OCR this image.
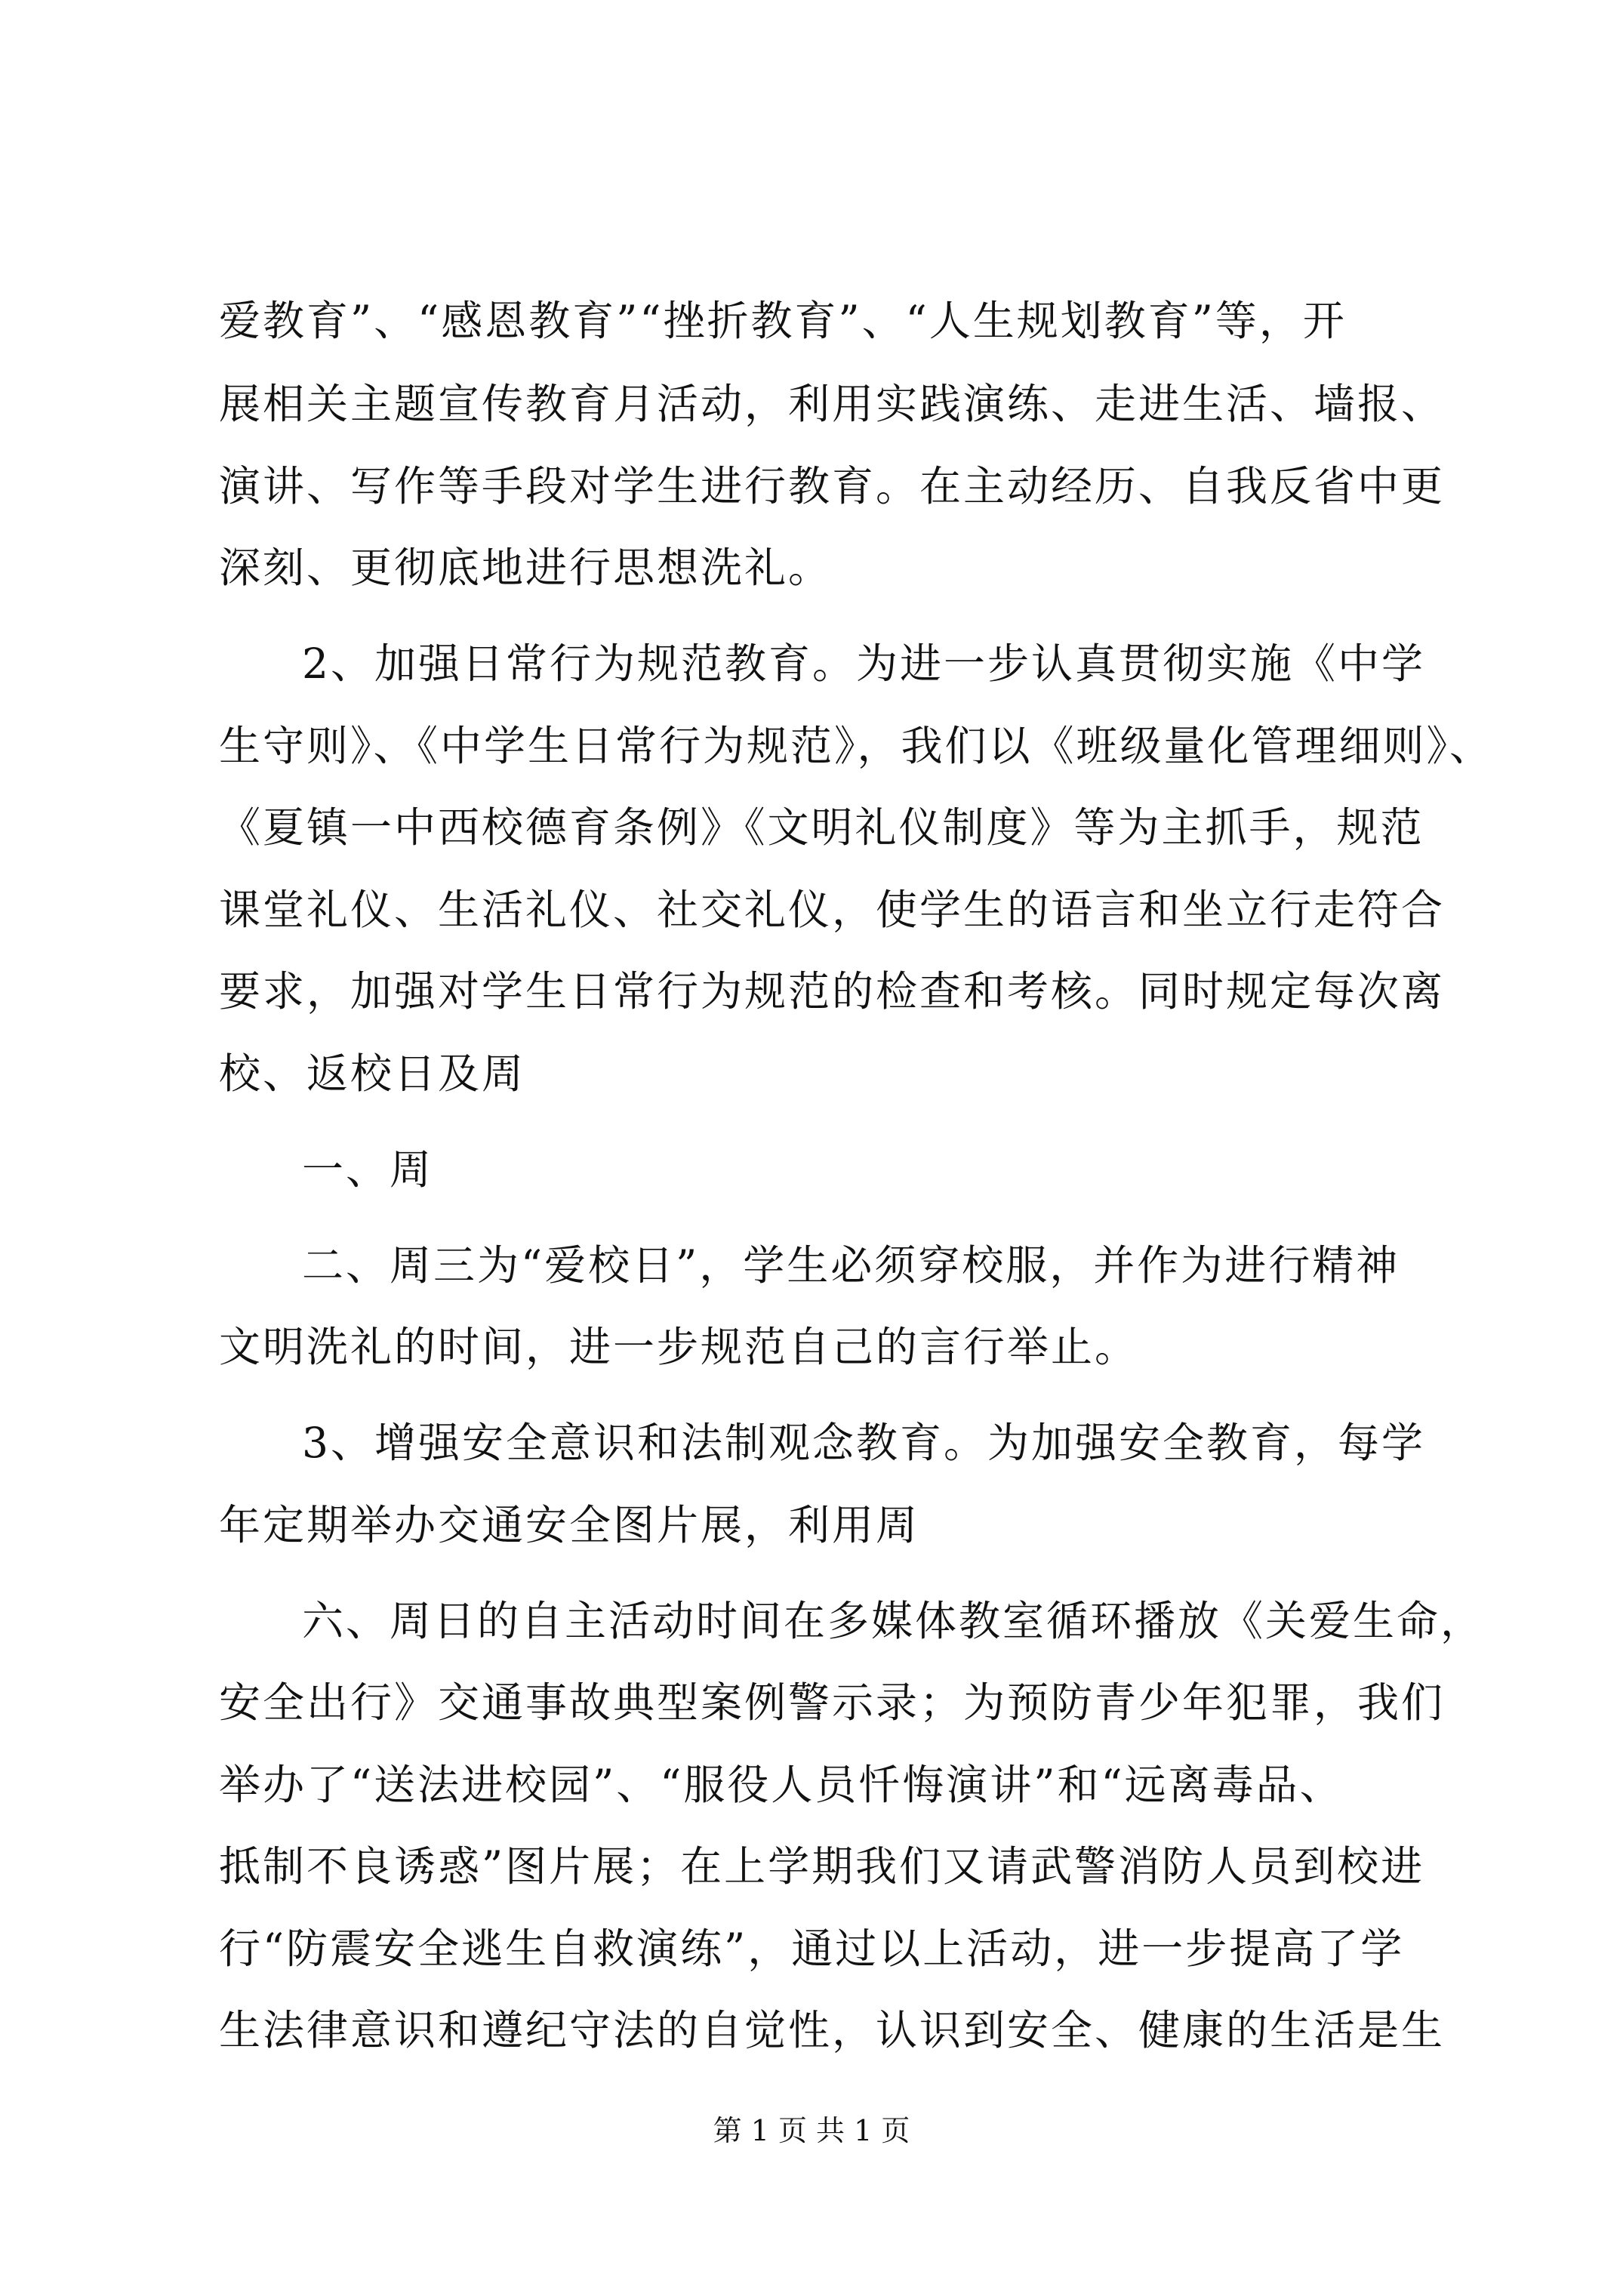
爱教育”、“感恩教育”“挫折教育”、“人生规划教育”等，开
展相关主题宣传教育月活动，利用实践演练、走进生活、墙报、
演讲、写作等手段对学生进行教育。在主动经历、自我反省中更
深刻、更彻底地进行思想洗礼。
2、加强日常行为规范教育。为进一步认真贯彻实施《中学
生守则》、《中学生日常行为规范》，我们以《班级量化管理细则》、
《夏镇一中西校德育条例》《文明礼仪制度》等为主抓手，规范
课堂礼仪、生活礼仪、社交礼仪，使学生的语言和坐立行走符合
要求，加强对学生日常行为规范的检查和考核。同时规定每次离
校、返校日及周
一、周
二、周三为“爱校日”，学生必须穿校服，并作为进行精神
文明洗礼的时间，进一步规范自己的言行举止。
3、增强安全意识和法制观念教育。为加强安全教育，每学
年定期举办交通安全图片展，利用周
六、周日的自主活动时间在多媒体教室循环播放《关爱生命，
安全出行》交通事故典型案例警示录；为预防青少年犯罪，我们
举办了“送法进校园”、“服役人员忏悔演讲”和“远离毒品、
抵制不良诱惑”图片展；在上学期我们又请武警消防人员到校进
行“防震安全逃生自救演练”，通过以上活动，进一步提高了学
生法律意识和遵纪守法的自觉性，认识到安全、健康的生活是生
第 1 页 共 1 页
